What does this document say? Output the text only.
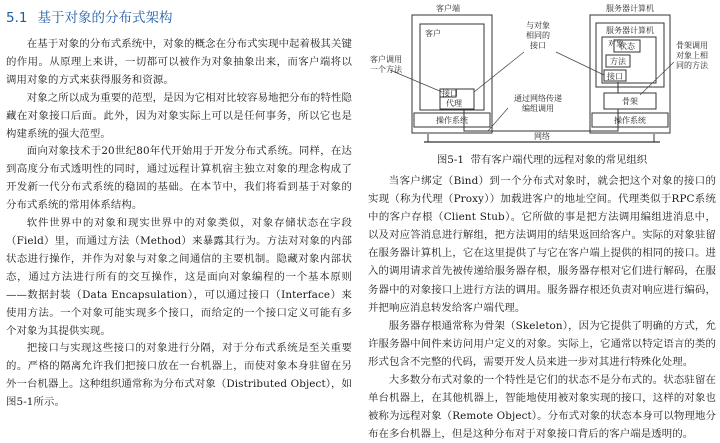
5.1 基于对象的分布式架构

在基于对象的分布式系统中，对象的概念在分布式实现中起着极其关键的作用。从原理上来讲，一切都可以被作为对象抽象出来，而客户端将以调用对象的方式来获得服务和资源。

对象之所以成为重要的范型，是因为它相对比较容易地把分布的特性隐藏在对象接口后面。此外，因为对象实际上可以是任何事务，所以它也是构建系统的强大范型。

面向对象技术于20世纪80年代开始用于开发分布式系统。同样，在达到高度分布式透明性的同时，通过远程计算机宿主独立对象的理念构成了开发新一代分布式系统的稳固的基础。在本节中，我们将看到基于对象的分布式系统的常用体系结构。

软件世界中的对象和现实世界中的对象类似，对象存储状态在字段（Field）里，而通过方法（Method）来暴露其行为。方法对对象的内部状态进行操作，并作为对象与对象之间通信的主要机制。隐藏对象内部状态，通过方法进行所有的交互操作，这是面向对象编程的一个基本原则——数据封装（Data Encapsulation），可以通过接口（Interface）来使用方法。一个对象可能实现多个接口，而给定的一个接口定义可能有多个对象为其提供实现。

把接口与实现这些接口的对象进行分隔，对于分布式系统是至关重要的。严格的隔离允许我们把接口放在一台机器上，而使对象本身驻留在另外一台机器上。这种组织通常称为分布式对象（Distributed Object），如图5-1所示。

客户端
客户
接口
代理
操作系统
服务器计算机
服务器计算机
对象
状态
方法
接口
骨架
操作系统
网络
与对象
相同的
接口
客户调用
一个方法
通过网络传递
编组调用
骨架调用
对象上相
同的方法
图5-1 带有客户端代理的远程对象的常见组织

当客户绑定（Bind）到一个分布式对象时，就会把这个对象的接口的实现（称为代理（Proxy））加载进客户的地址空间。代理类似于RPC系统中的客户存根（Client Stub）。它所做的事是把方法调用编组进消息中，以及对应答消息进行解组，把方法调用的结果返回给客户。实际的对象驻留在服务器计算机上，它在这里提供了与它在客户端上提供的相同的接口。进入的调用请求首先被传递给服务器存根，服务器存根对它们进行解码，在服务器中的对象接口上进行方法的调用。服务器存根还负责对响应进行编码，并把响应消息转发给客户端代理。

服务器存根通常称为骨架（Skeleton），因为它提供了明确的方式，允许服务器中间件来访问用户定义的对象。实际上，它通常以特定语言的类的形式包含不完整的代码，需要开发人员来进一步对其进行特殊化处理。

大多数分布式对象的一个特性是它们的状态不是分布式的。状态驻留在单台机器上，在其他机器上，智能地使用被对象实现的接口，这样的对象也被称为远程对象（Remote Object）。分布式对象的状态本身可以物理地分布在多台机器上，但是这种分布对于对象接口背后的客户端是透明的。
